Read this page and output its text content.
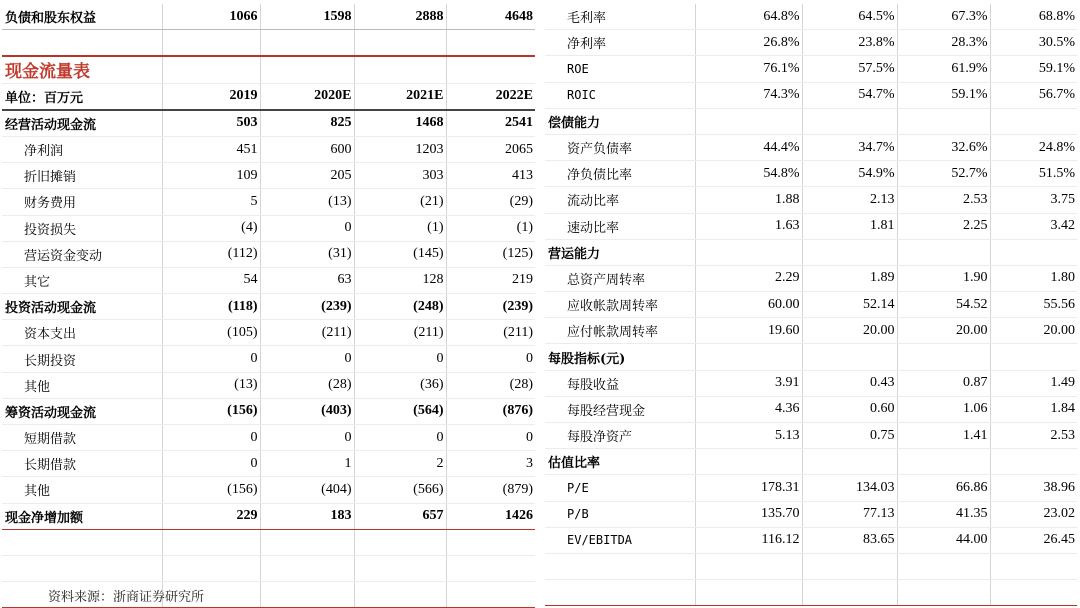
负债和股东权益	1066	1598	2888	4648

现金流量表				
单位：百万元	2019	2020E	2021E	2022E
经营活动现金流	503	825	1468	2541
净利润	451	600	1203	2065
折旧摊销	109	205	303	413
财务费用	5	(13)	(21)	(29)
投资损失	(4)	0	(1)	(1)
营运资金变动	(112)	(31)	(145)	(125)
其它	54	63	128	219
投资活动现金流	(118)	(239)	(248)	(239)
资本支出	(105)	(211)	(211)	(211)
长期投资	0	0	0	0
其他	(13)	(28)	(36)	(28)
筹资活动现金流	(156)	(403)	(564)	(876)
短期借款	0	0	0	0
长期借款	0	1	2	3
其他	(156)	(404)	(566)	(879)
现金净增加额	229	183	657	1426

毛利率	64.8%	64.5%	67.3%	68.8%
净利率	26.8%	23.8%	28.3%	30.5%
ROE	76.1%	57.5%	61.9%	59.1%
ROIC	74.3%	54.7%	59.1%	56.7%
偿债能力				
资产负债率	44.4%	34.7%	32.6%	24.8%
净负债比率	54.8%	54.9%	52.7%	51.5%
流动比率	1.88	2.13	2.53	3.75
速动比率	1.63	1.81	2.25	3.42
营运能力				
总资产周转率	2.29	1.89	1.90	1.80
应收帐款周转率	60.00	52.14	54.52	55.56
应付帐款周转率	19.60	20.00	20.00	20.00
每股指标(元)				
每股收益	3.91	0.43	0.87	1.49
每股经营现金	4.36	0.60	1.06	1.84
每股净资产	5.13	0.75	1.41	2.53
估值比率				
P/E	178.31	134.03	66.86	38.96
P/B	135.70	77.13	41.35	23.02
EV/EBITDA	116.12	83.65	44.00	26.45

资料来源：浙商证券研究所
